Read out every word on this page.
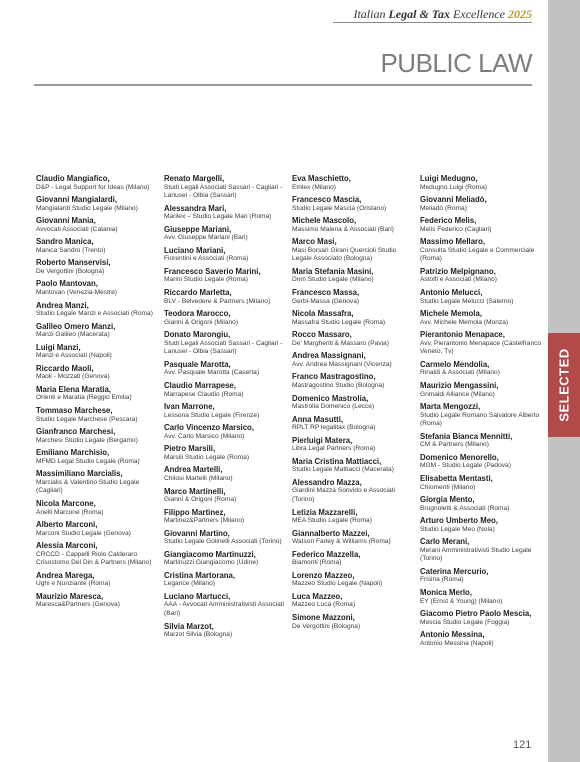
Italian Legal & Tax Excellence 2025
PUBLIC LAW
SELECTED
Claudio Mangiafico,
D&P - Legal Support for Ideas (Milano)
Giovanni Mangialardi,
Mangialardi Studio Legale (Milano)
Giovanni Mania,
Avvocati Associati (Catania)
Sandro Manica,
Manica Sandro (Trento)
Roberto Manservisi,
De Vergottini (Bologna)
Paolo Mantovan,
Mantovan (Venezia-Mestre)
Andrea Manzi,
Studio Legale Manzi e Associati (Roma)
Galileo Omero Manzi,
Manzi Galileo (Macerata)
Luigi Manzi,
Manzi e Associati (Napoli)
Riccardo Maoli,
Maoli - Mozzati (Genova)
Maria Elena Maratia,
Orienti e Maratia (Reggio Emilia)
Tommaso Marchese,
Studio Legale Marchese (Pescara)
Gianfranco Marchesi,
Marchesi Studio Legale (Bergamo)
Emiliano Marchisio,
MFMD Legal Studio Legale (Roma)
Massimiliano Marcialis,
Marcialis & Valentino Studio Legale (Cagliari)
Nicola Marcone,
Anelli Marcone (Roma)
Alberto Marconi,
Marconi Studio Legale (Genova)
Alessia Marconi,
CRCCD - Cappelli Riolo Calderaro Crisostomo Del Din & Partners (Milano)
Andrea Marega,
Ughi e Nunziante (Roma)
Maurizio Maresca,
Maresca&Partners (Genova)
Renato Margelli,
Studi Legali Associati Sassari - Cagliari - Lanusei - Olbia (Sassari)
Alessandra Mari,
Marilex – Studio Legale Mari (Roma)
Giuseppe Mariani,
Avv. Giuseppe Mariani (Bari)
Luciano Mariani,
Fiorentini e Associati (Roma)
Francesco Saverio Marini,
Marini Studio Legale (Roma)
Riccardo Marletta,
BLV - Belvedere & Partners (Milano)
Teodora Marocco,
Gianni & Origoni (Milano)
Donato Marongiu,
Studi Legali Associati Sassari - Cagliari - Lanusei - Olbia (Sassari)
Pasquale Marotta,
Avv. Pasquale Marotta (Caserta)
Claudio Marrapese,
Marrapese Claudio (Roma)
Ivan Marrone,
Lessona Studio Legale (Firenze)
Carlo Vincenzo Marsico,
Avv. Carlo Marsico (Milano)
Pietro Marsili,
Marsili Studio Legale (Roma)
Andrea Martelli,
Chilosi Martelli (Milano)
Marco Martinelli,
Gianni & Origoni (Roma)
Filippo Martinez,
Martinez&Partners (Milano)
Giovanni Martino,
Studio Legale Golinelli Associati (Torino)
Giangiacomo Martinuzzi,
Martinuzzi Giangiacomo (Udine)
Cristina Martorana,
Legance (Milano)
Luciano Martucci,
AAA - Avvocati Amministrativisti Associati (Bari)
Silvia Marzot,
Marzot Silvia (Bologna)
Eva Maschietto,
Emlex (Milano)
Francesco Mascia,
Studio Legale Mascia (Oristano)
Michele Mascolo,
Massimo Malena & Associati (Bari)
Marco Masi,
Masi Borsari Girani Quercioli Studio Legale Associato (Bologna)
Maria Stefania Masini,
Dnm Studio Legale (Milano)
Francesco Massa,
Gerbi-Massa (Genova)
Nicola Massafra,
Massafra Studio Legale (Roma)
Rocco Massaro,
De' Margheriti & Massaro (Pavia)
Andrea Massignani,
Avv. Andrea Massignani (Vicenza)
Franco Mastragostino,
Mastragostino Studio (Bologna)
Domenico Mastrolia,
Mastrolia Domenico (Lecce)
Anna Masutti,
RPLT RP legalitax (Bologna)
Pierluigi Matera,
Libra Legal Partners (Roma)
Maria Cristina Mattiacci,
Studio Legale Mattiacci (Macerata)
Alessandro Mazza,
Giardini Mazza Sonvido e Associati (Torino)
Letizia Mazzarelli,
MEA Studio Legale (Roma)
Giannalberto Mazzei,
Watson Farley & Williams (Roma)
Federico Mazzella,
Biamonti (Roma)
Lorenzo Mazzeo,
Mazzeo Studio Legale (Napoli)
Luca Mazzeo,
Mazzeo Luca (Roma)
Simone Mazzoni,
De Vergottini (Bologna)
Luigi Medugno,
Medugno Luigi (Roma)
Giovanni Meliadò,
Meliadò (Roma)
Federico Melis,
Melis Federico (Cagliari)
Massimo Mellaro,
Consulta Studio Legale e Commerciale (Roma)
Patrizio Melpignano,
Astolfi e Associati (Milano)
Antonio Melucci,
Studio Legale Melucci (Salerno)
Michele Memola,
Avv. Michele Memola (Monza)
Pierantonio Menapace,
Avv. Pierantonio Menapace (Castelfranco Veneto, Tv)
Carmelo Mendolia,
Rinaldi & Associati (Milano)
Maurizio Mengassini,
Grimaldi Alliance (Milano)
Marta Mengozzi,
Studio Legale Romano Salvatore Alberto (Roma)
Stefania Bianca Mennitti,
CM & Partners (Milano)
Domenico Menorello,
MGM - Studio Legale (Padova)
Elisabetta Mentasti,
Chiomenti (Milano)
Giorgia Mento,
Brugnoletti & Associati (Roma)
Arturo Umberto Meo,
Studio Legale Meo (Nola)
Carlo Merani,
Merani Amministrativisti Studio Legale (Torino)
Caterina Mercurio,
Frisina (Roma)
Monica Merlo,
EY (Ernst & Young) (Milano)
Giacomo Pietro Paolo Mescia,
Mescia Studio Legale (Foggia)
Antonio Messina,
Antonio Messina (Napoli)
121
